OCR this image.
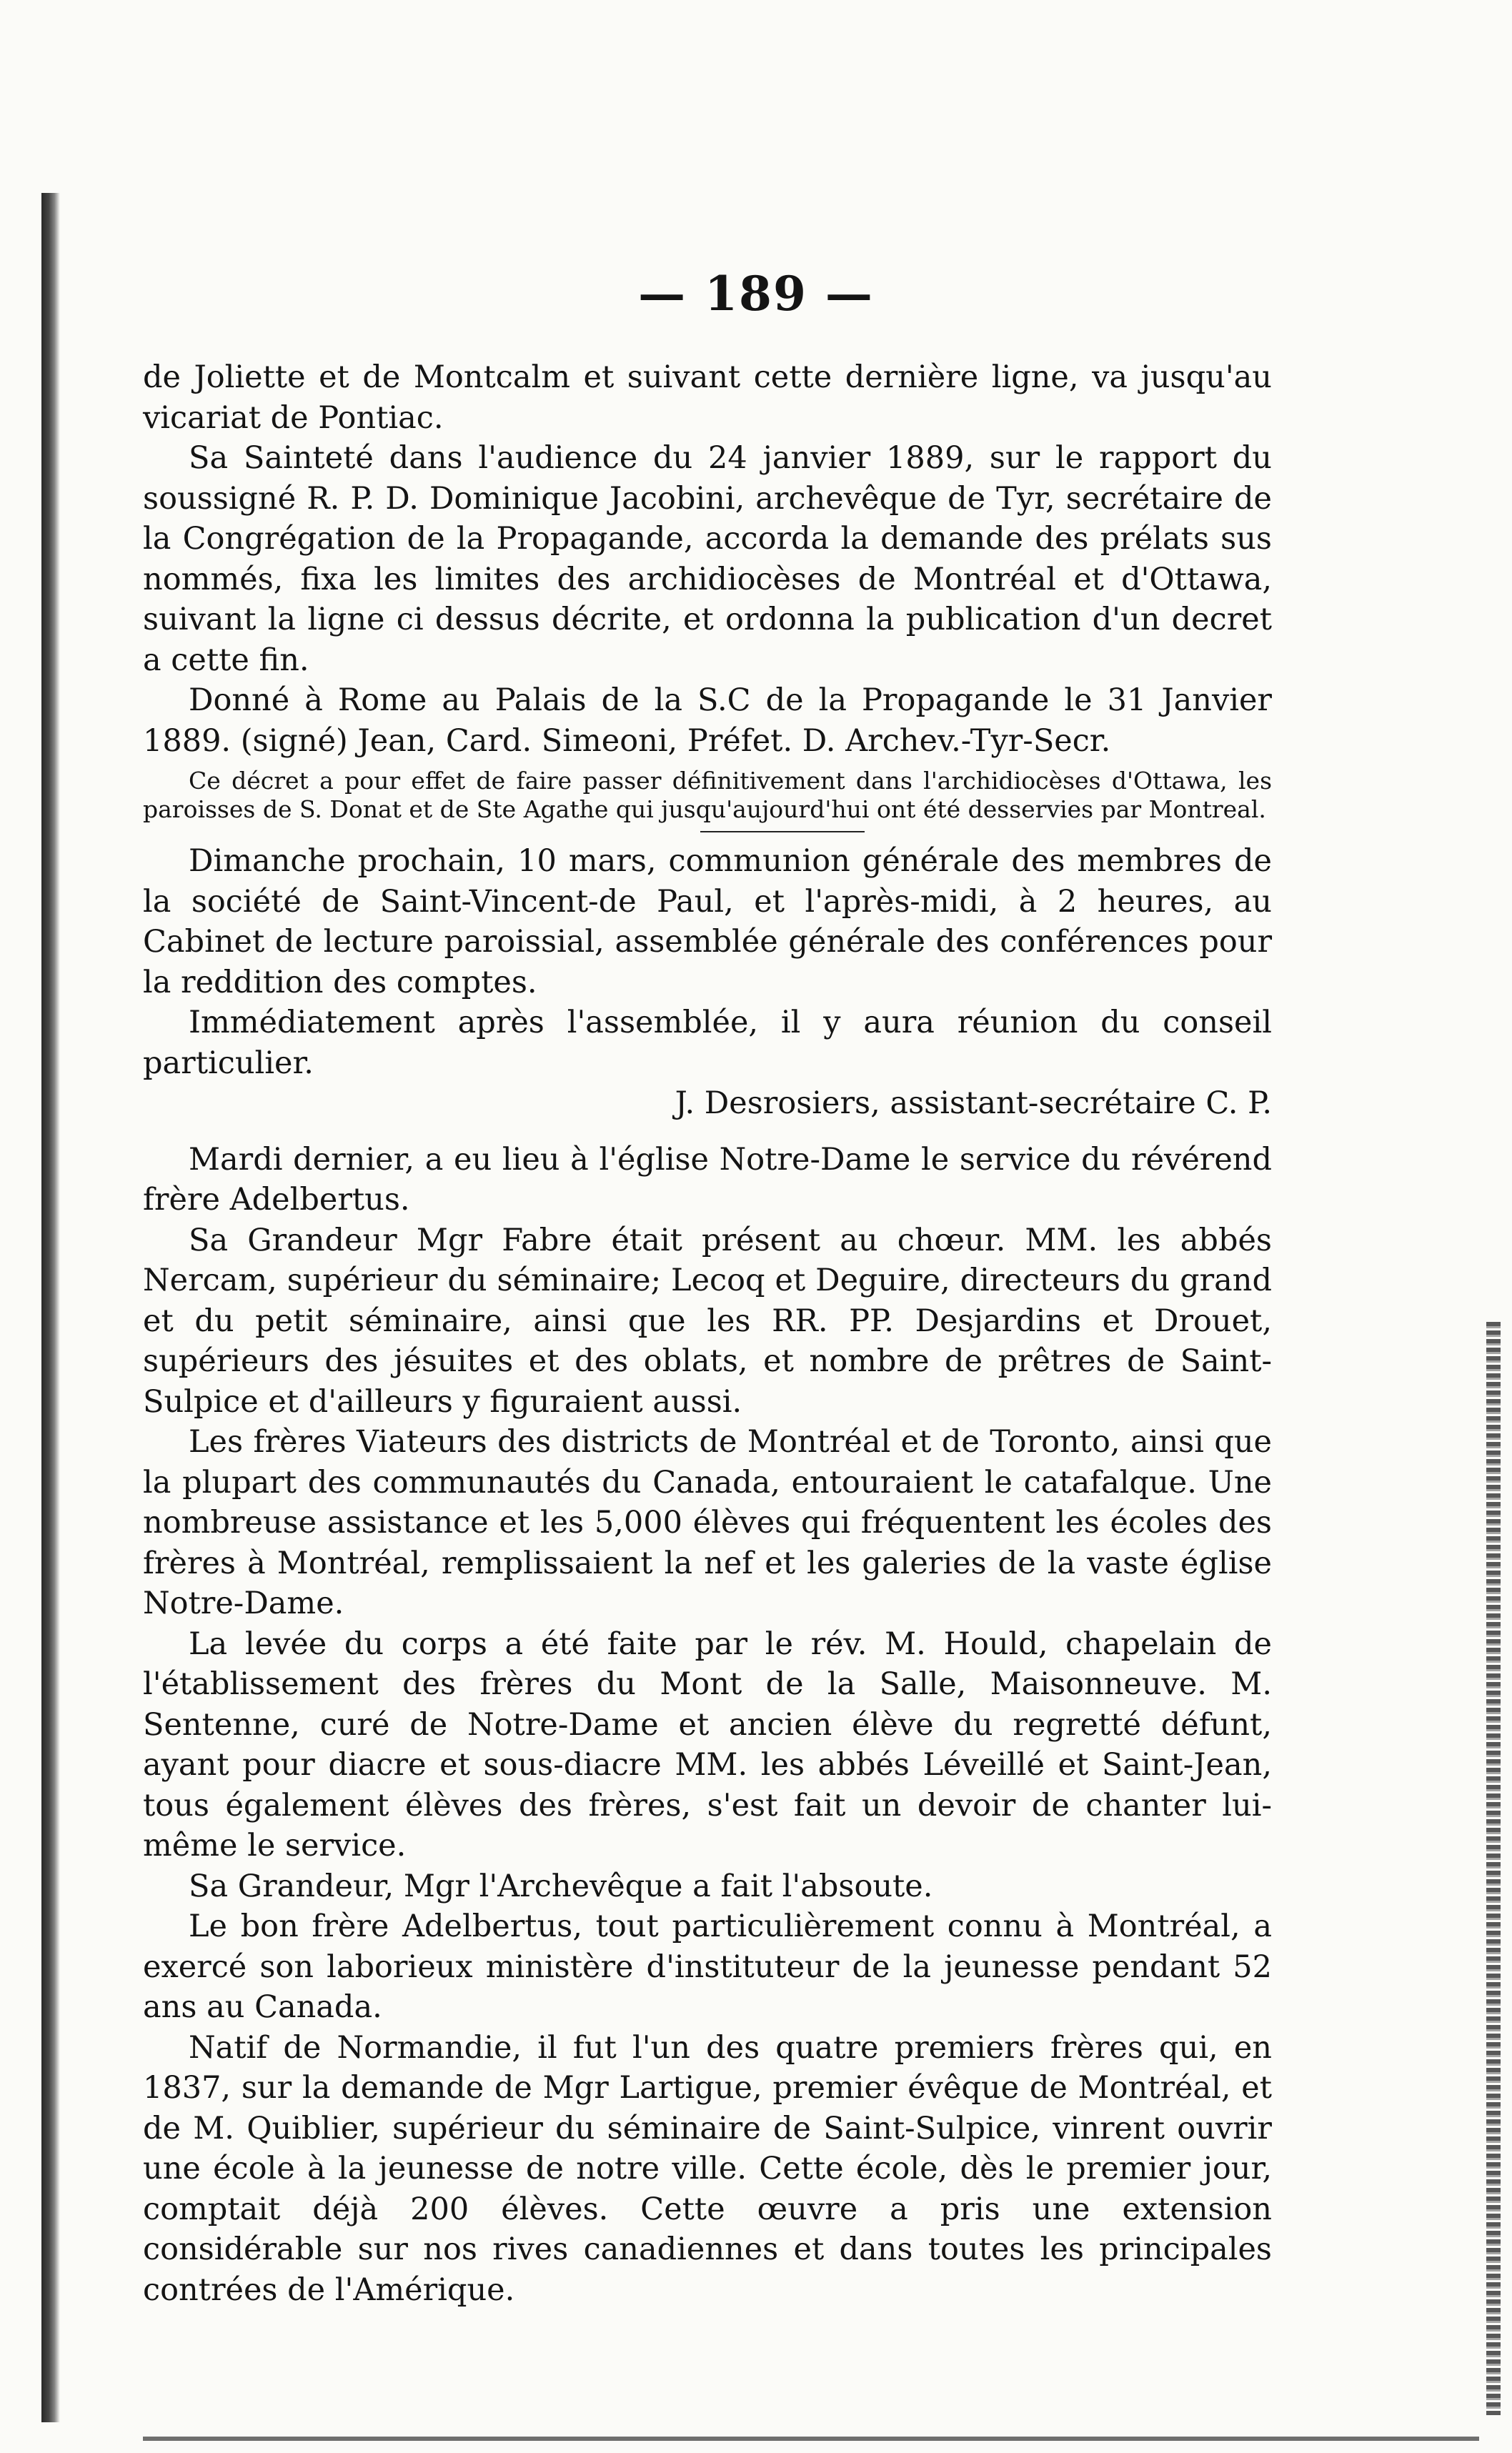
— 189 —

de Joliette et de Montcalm et suivant cette dernière ligne, va jusqu'au vicariat de Pontiac.

Sa Sainteté dans l'audience du 24 janvier 1889, sur le rapport du soussigné R. P. D. Dominique Jacobini, archevêque de Tyr, secrétaire de la Congrégation de la Propagande, accorda la demande des prélats sus nommés, fixa les limites des archidiocèses de Montréal et d'Ottawa, suivant la ligne ci dessus décrite, et ordonna la publication d'un decret a cette fin.

Donné à Rome au Palais de la S.C de la Propagande le 31 Janvier 1889. (signé) Jean, Card. Simeoni, Préfet. D. Archev.-Tyr-Secr.

Ce décret a pour effet de faire passer définitivement dans l'archidiocèses d'Ottawa, les paroisses de S. Donat et de Ste Agathe qui jusqu'aujourd'hui ont été desservies par Montreal.

Dimanche prochain, 10 mars, communion générale des membres de la société de Saint-Vincent-de Paul, et l'après-midi, à 2 heures, au Cabinet de lecture paroissial, assemblée générale des conférences pour la reddition des comptes.

Immédiatement après l'assemblée, il y aura réunion du conseil particulier.

J. Desrosiers, assistant-secrétaire C. P.

Mardi dernier, a eu lieu à l'église Notre-Dame le service du révérend frère Adelbertus.

Sa Grandeur Mgr Fabre était présent au chœur. MM. les abbés Nercam, supérieur du séminaire; Lecoq et Deguire, directeurs du grand et du petit séminaire, ainsi que les RR. PP. Desjardins et Drouet, supérieurs des jésuites et des oblats, et nombre de prêtres de Saint-Sulpice et d'ailleurs y figuraient aussi.

Les frères Viateurs des districts de Montréal et de Toronto, ainsi que la plupart des communautés du Canada, entouraient le catafalque. Une nombreuse assistance et les 5,000 élèves qui fréquentent les écoles des frères à Montréal, remplissaient la nef et les galeries de la vaste église Notre-Dame.

La levée du corps a été faite par le rév. M. Hould, chapelain de l'établissement des frères du Mont de la Salle, Maisonneuve. M. Sentenne, curé de Notre-Dame et ancien élève du regretté défunt, ayant pour diacre et sous-diacre MM. les abbés Léveillé et Saint-Jean, tous également élèves des frères, s'est fait un devoir de chanter lui-même le service.

Sa Grandeur, Mgr l'Archevêque a fait l'absoute.

Le bon frère Adelbertus, tout particulièrement connu à Montréal, a exercé son laborieux ministère d'instituteur de la jeunesse pendant 52 ans au Canada.

Natif de Normandie, il fut l'un des quatre premiers frères qui, en 1837, sur la demande de Mgr Lartigue, premier évêque de Montréal, et de M. Quiblier, supérieur du séminaire de Saint-Sulpice, vinrent ouvrir une école à la jeunesse de notre ville. Cette école, dès le premier jour, comptait déjà 200 élèves. Cette œuvre a pris une extension considérable sur nos rives canadiennes et dans toutes les principales contrées de l'Amérique.
